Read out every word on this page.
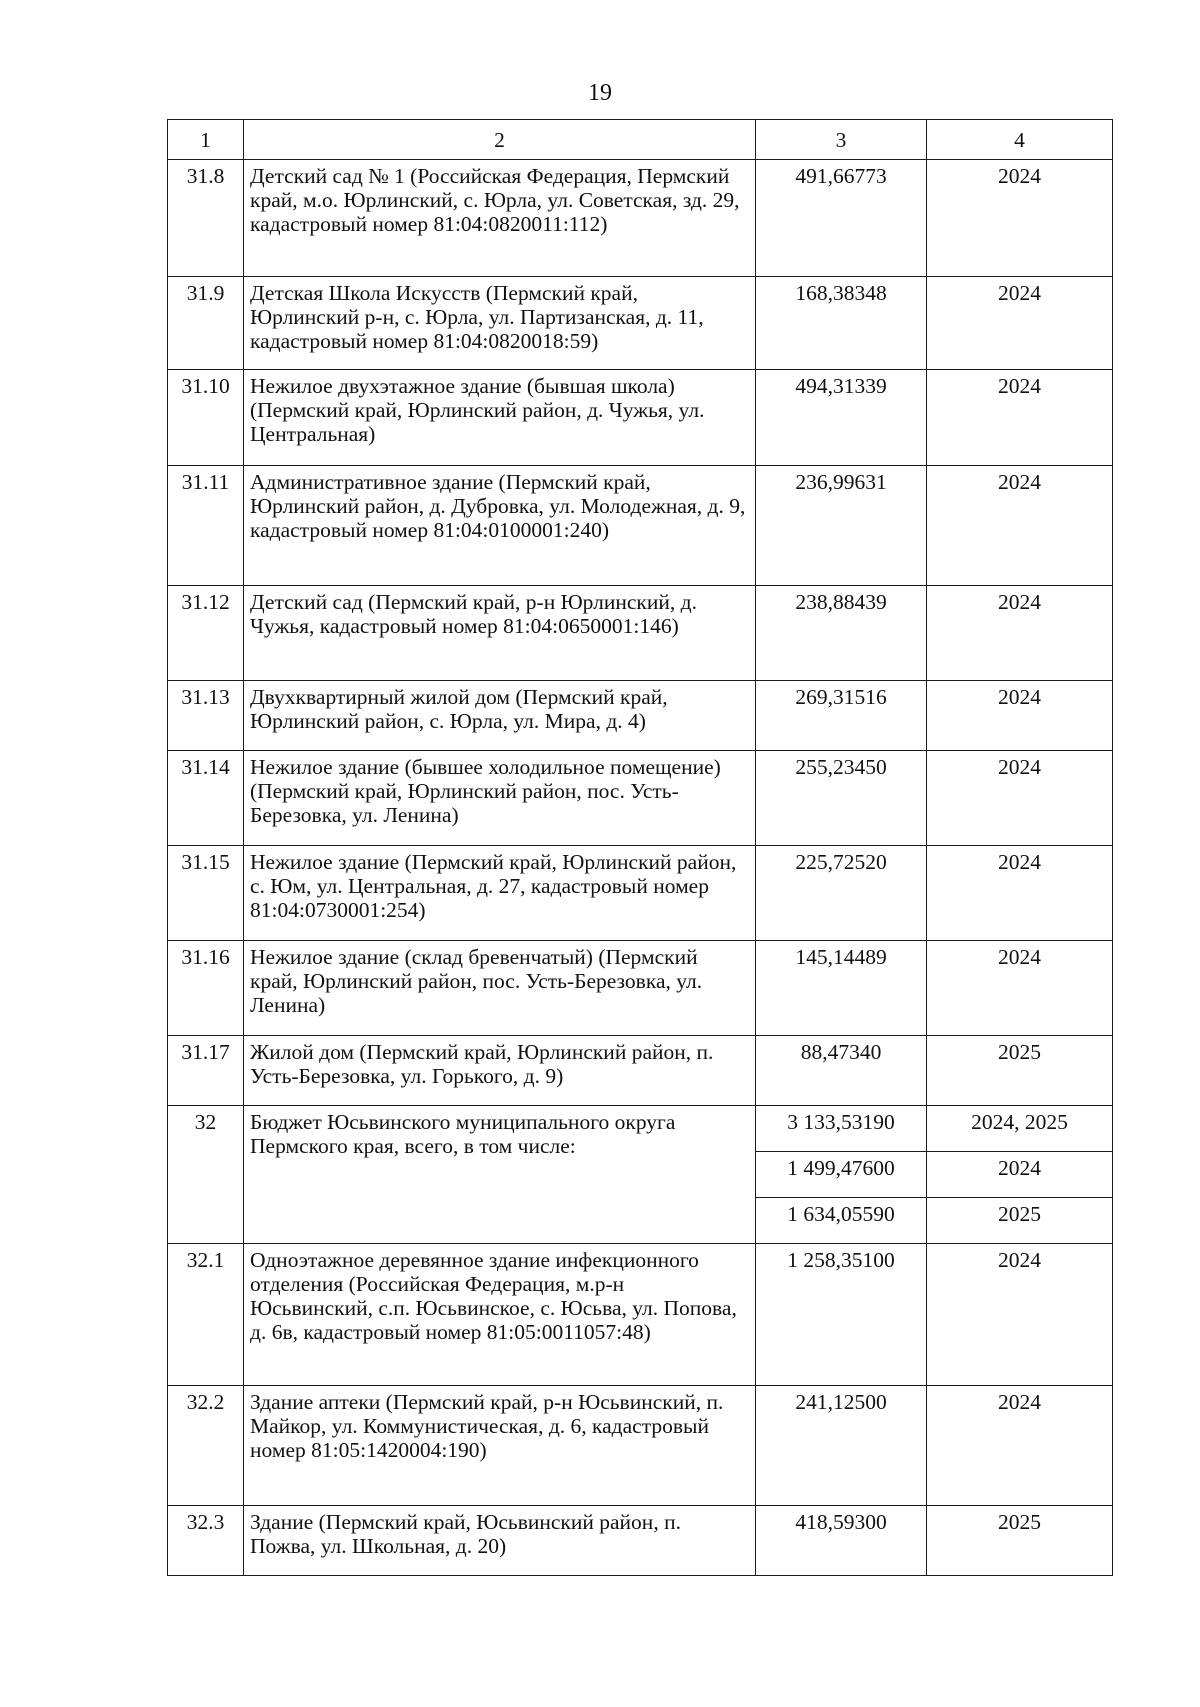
19
1	2	3	4
31.8	Детский сад № 1 (Российская Федерация, Пермский край, м.о. Юрлинский, с. Юрла, ул. Советская, зд. 29, кадастровый номер 81:04:0820011:112)	491,66773	2024
31.9	Детская Школа Искусств (Пермский край, Юрлинский р-н, с. Юрла, ул. Партизанская, д. 11, кадастровый номер 81:04:0820018:59)	168,38348	2024
31.10	Нежилое двухэтажное здание (бывшая школа) (Пермский край, Юрлинский район, д. Чужья, ул. Центральная)	494,31339	2024
31.11	Административное здание (Пермский край, Юрлинский район, д. Дубровка, ул. Молодежная, д. 9, кадастровый номер 81:04:0100001:240)	236,99631	2024
31.12	Детский сад (Пермский край, р-н Юрлинский, д. Чужья, кадастровый номер 81:04:0650001:146)	238,88439	2024
31.13	Двухквартирный жилой дом (Пермский край, Юрлинский район, с. Юрла, ул. Мира, д. 4)	269,31516	2024
31.14	Нежилое здание (бывшее холодильное помещение) (Пермский край, Юрлинский район, пос. Усть-Березовка, ул. Ленина)	255,23450	2024
31.15	Нежилое здание (Пермский край, Юрлинский район, с. Юм, ул. Центральная, д. 27, кадастровый номер 81:04:0730001:254)	225,72520	2024
31.16	Нежилое здание (склад бревенчатый) (Пермский край, Юрлинский район, пос. Усть-Березовка, ул. Ленина)	145,14489	2024
31.17	Жилой дом (Пермский край, Юрлинский район, п. Усть-Березовка, ул. Горького, д. 9)	88,47340	2025
32	Бюджет Юсьвинского муниципального округа Пермского края, всего, в том числе:	3 133,53190	2024, 2025
		1 499,47600	2024
		1 634,05590	2025
32.1	Одноэтажное деревянное здание инфекционного отделения (Российская Федерация, м.р-н Юсьвинский, с.п. Юсьвинское, с. Юсьва, ул. Попова, д. 6в, кадастровый номер 81:05:0011057:48)	1 258,35100	2024
32.2	Здание аптеки (Пермский край, р-н Юсьвинский, п. Майкор, ул. Коммунистическая, д. 6, кадастровый номер 81:05:1420004:190)	241,12500	2024
32.3	Здание (Пермский край, Юсьвинский район, п. Пожва, ул. Школьная, д. 20)	418,59300	2025
